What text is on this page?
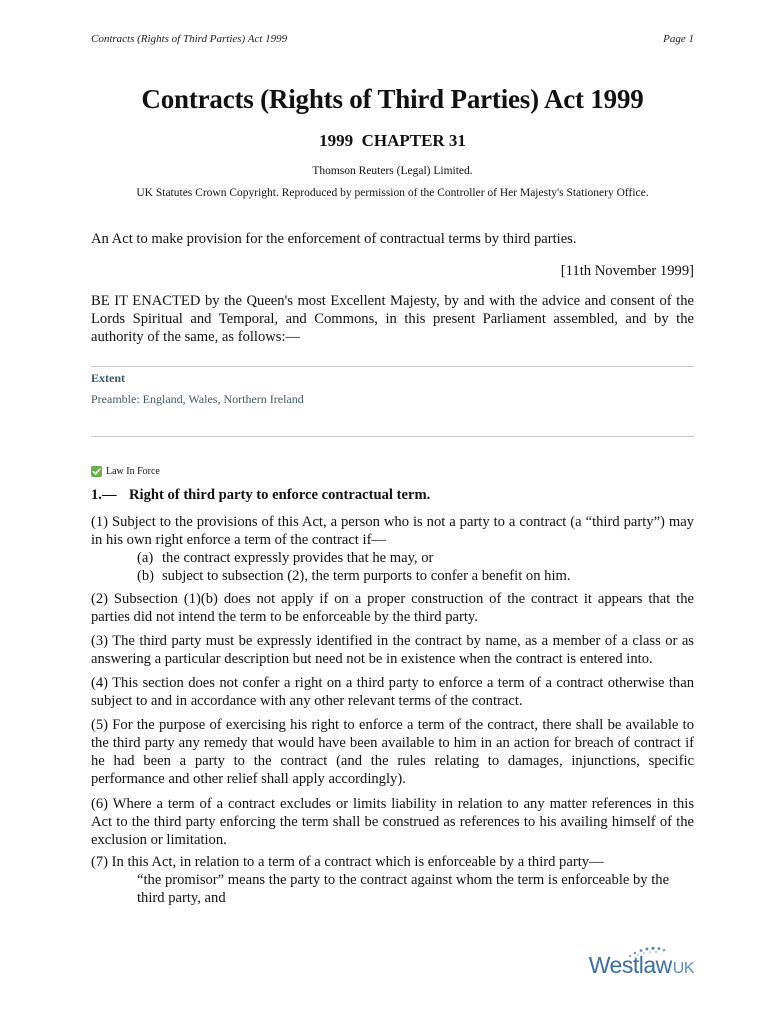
Contracts (Rights of Third Parties) Act 1999	Page 1
Contracts (Rights of Third Parties) Act 1999
1999  CHAPTER 31
Thomson Reuters (Legal) Limited.
UK Statutes Crown Copyright. Reproduced by permission of the Controller of Her Majesty's Stationery Office.
An Act to make provision for the enforcement of contractual terms by third parties.
[11th November 1999]
BE IT ENACTED by the Queen's most Excellent Majesty, by and with the advice and consent of the Lords Spiritual and Temporal, and Commons, in this present Parliament assembled, and by the authority of the same, as follows:—
Extent
Preamble: England, Wales, Northern Ireland
Law In Force
1.— Right of third party to enforce contractual term.
(1) Subject to the provisions of this Act, a person who is not a party to a contract (a “third party”) may in his own right enforce a term of the contract if—
(a) the contract expressly provides that he may, or
(b) subject to subsection (2), the term purports to confer a benefit on him.
(2) Subsection (1)(b) does not apply if on a proper construction of the contract it appears that the parties did not intend the term to be enforceable by the third party.
(3) The third party must be expressly identified in the contract by name, as a member of a class or as answering a particular description but need not be in existence when the contract is entered into.
(4) This section does not confer a right on a third party to enforce a term of a contract otherwise than subject to and in accordance with any other relevant terms of the contract.
(5) For the purpose of exercising his right to enforce a term of the contract, there shall be available to the third party any remedy that would have been available to him in an action for breach of contract if he had been a party to the contract (and the rules relating to damages, injunctions, specific performance and other relief shall apply accordingly).
(6) Where a term of a contract excludes or limits liability in relation to any matter references in this Act to the third party enforcing the term shall be construed as references to his availing himself of the exclusion or limitation.
(7) In this Act, in relation to a term of a contract which is enforceable by a third party—
“the promisor” means the party to the contract against whom the term is enforceable by the third party, and
WestlawUK
